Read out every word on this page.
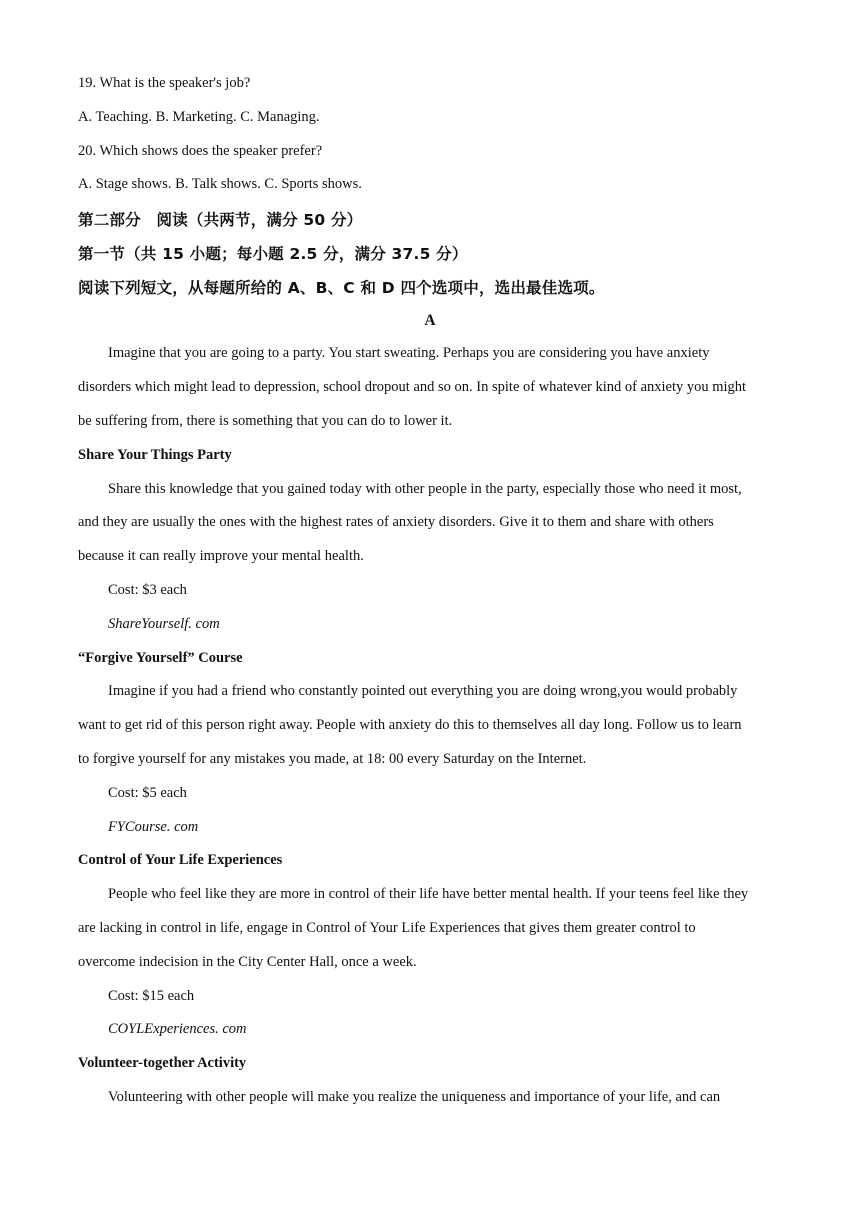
19. What is the speaker's job?
A. Teaching. B. Marketing. C. Managing.
20. Which shows does the speaker prefer?
A. Stage shows. B. Talk shows. C. Sports shows.
第二部分　阅读（共两节，满分 50 分）
第一节（共 15 小题；每小题 2.5 分，满分 37.5 分）
阅读下列短文，从每题所给的 A、B、C 和 D 四个选项中，选出最佳选项。
A
Imagine that you are going to a party. You start sweating. Perhaps you are considering you have anxiety
disorders which might lead to depression, school dropout and so on. In spite of whatever kind of anxiety you might
be suffering from, there is something that you can do to lower it.
Share Your Things Party
Share this knowledge that you gained today with other people in the party, especially those who need it most,
and they are usually the ones with the highest rates of anxiety disorders. Give it to them and share with others
because it can really improve your mental health.
Cost: $3 each
ShareYourself. com
“Forgive Yourself” Course
Imagine if you had a friend who constantly pointed out everything you are doing wrong,you would probably
want to get rid of this person right away. People with anxiety do this to themselves all day long. Follow us to learn
to forgive yourself for any mistakes you made, at 18: 00 every Saturday on the Internet.
Cost: $5 each
FYCourse. com
Control of Your Life Experiences
People who feel like they are more in control of their life have better mental health. If your teens feel like they
are lacking in control in life, engage in Control of Your Life Experiences that gives them greater control to
overcome indecision in the City Center Hall, once a week.
Cost: $15 each
COYLExperiences. com
Volunteer-together Activity
Volunteering with other people will make you realize the uniqueness and importance of your life, and can
